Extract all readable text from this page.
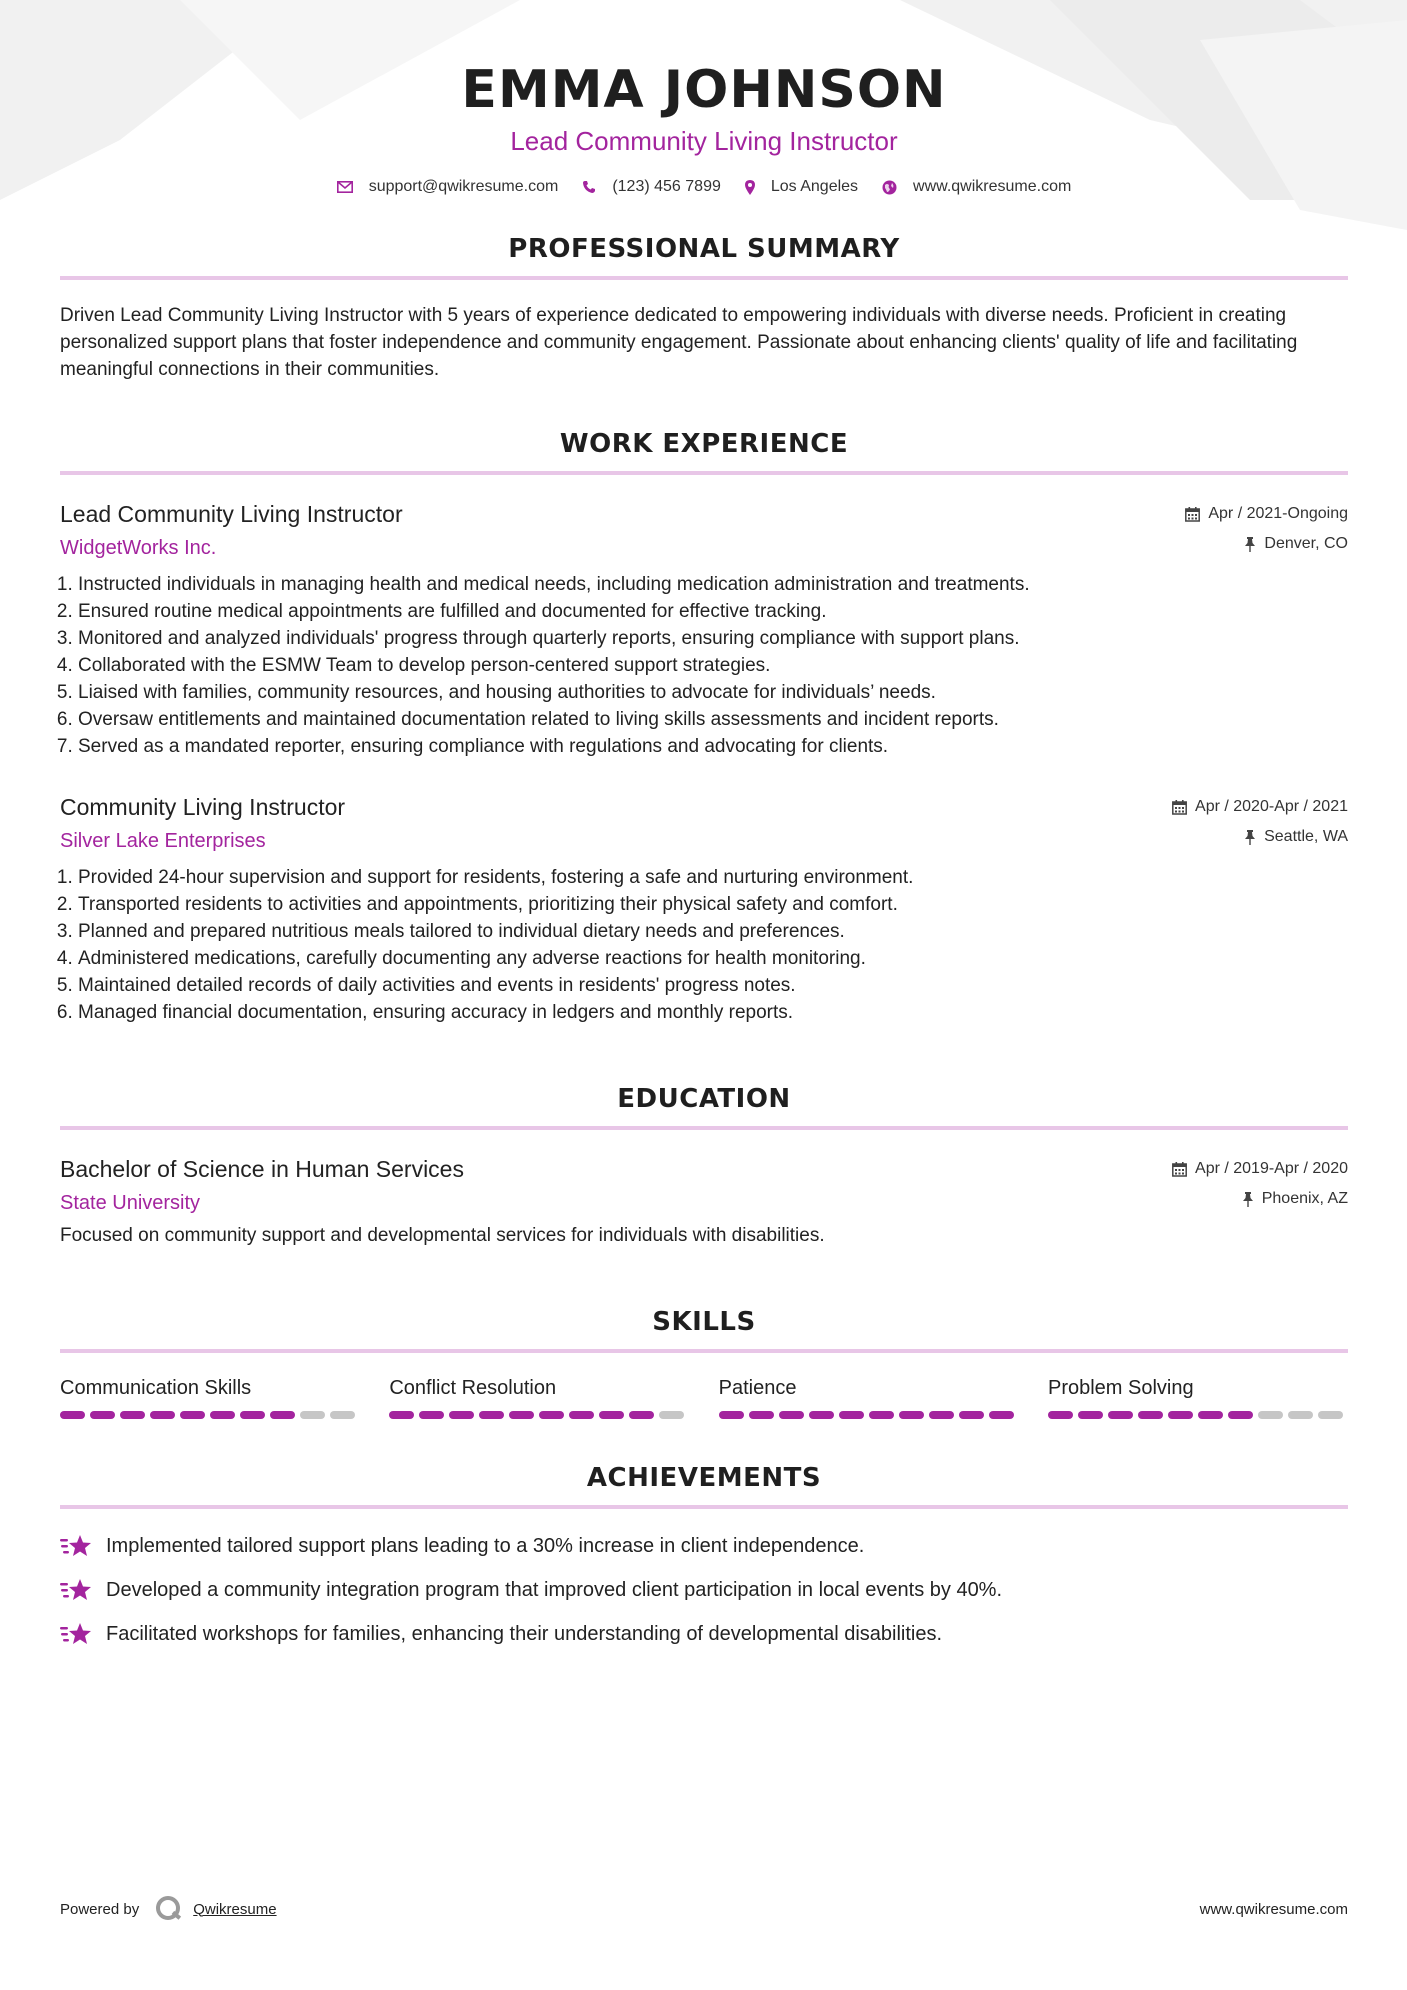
EMMA JOHNSON
Lead Community Living Instructor
support@qwikresume.com	(123) 456 7899	Los Angeles	www.qwikresume.com
PROFESSIONAL SUMMARY
Driven Lead Community Living Instructor with 5 years of experience dedicated to empowering individuals with diverse needs. Proficient in creating personalized support plans that foster independence and community engagement. Passionate about enhancing clients' quality of life and facilitating meaningful connections in their communities.
WORK EXPERIENCE
Lead Community Living Instructor
WidgetWorks Inc.
Apr / 2021-Ongoing
Denver, CO
1. Instructed individuals in managing health and medical needs, including medication administration and treatments.
2. Ensured routine medical appointments are fulfilled and documented for effective tracking.
3. Monitored and analyzed individuals' progress through quarterly reports, ensuring compliance with support plans.
4. Collaborated with the ESMW Team to develop person-centered support strategies.
5. Liaised with families, community resources, and housing authorities to advocate for individuals’ needs.
6. Oversaw entitlements and maintained documentation related to living skills assessments and incident reports.
7. Served as a mandated reporter, ensuring compliance with regulations and advocating for clients.
Community Living Instructor
Silver Lake Enterprises
Apr / 2020-Apr / 2021
Seattle, WA
1. Provided 24-hour supervision and support for residents, fostering a safe and nurturing environment.
2. Transported residents to activities and appointments, prioritizing their physical safety and comfort.
3. Planned and prepared nutritious meals tailored to individual dietary needs and preferences.
4. Administered medications, carefully documenting any adverse reactions for health monitoring.
5. Maintained detailed records of daily activities and events in residents' progress notes.
6. Managed financial documentation, ensuring accuracy in ledgers and monthly reports.
EDUCATION
Bachelor of Science in Human Services
State University
Apr / 2019-Apr / 2020
Phoenix, AZ
Focused on community support and developmental services for individuals with disabilities.
SKILLS
Communication Skills	Conflict Resolution	Patience	Problem Solving
ACHIEVEMENTS
Implemented tailored support plans leading to a 30% increase in client independence.
Developed a community integration program that improved client participation in local events by 40%.
Facilitated workshops for families, enhancing their understanding of developmental disabilities.
Powered by	Qwikresume	www.qwikresume.com
